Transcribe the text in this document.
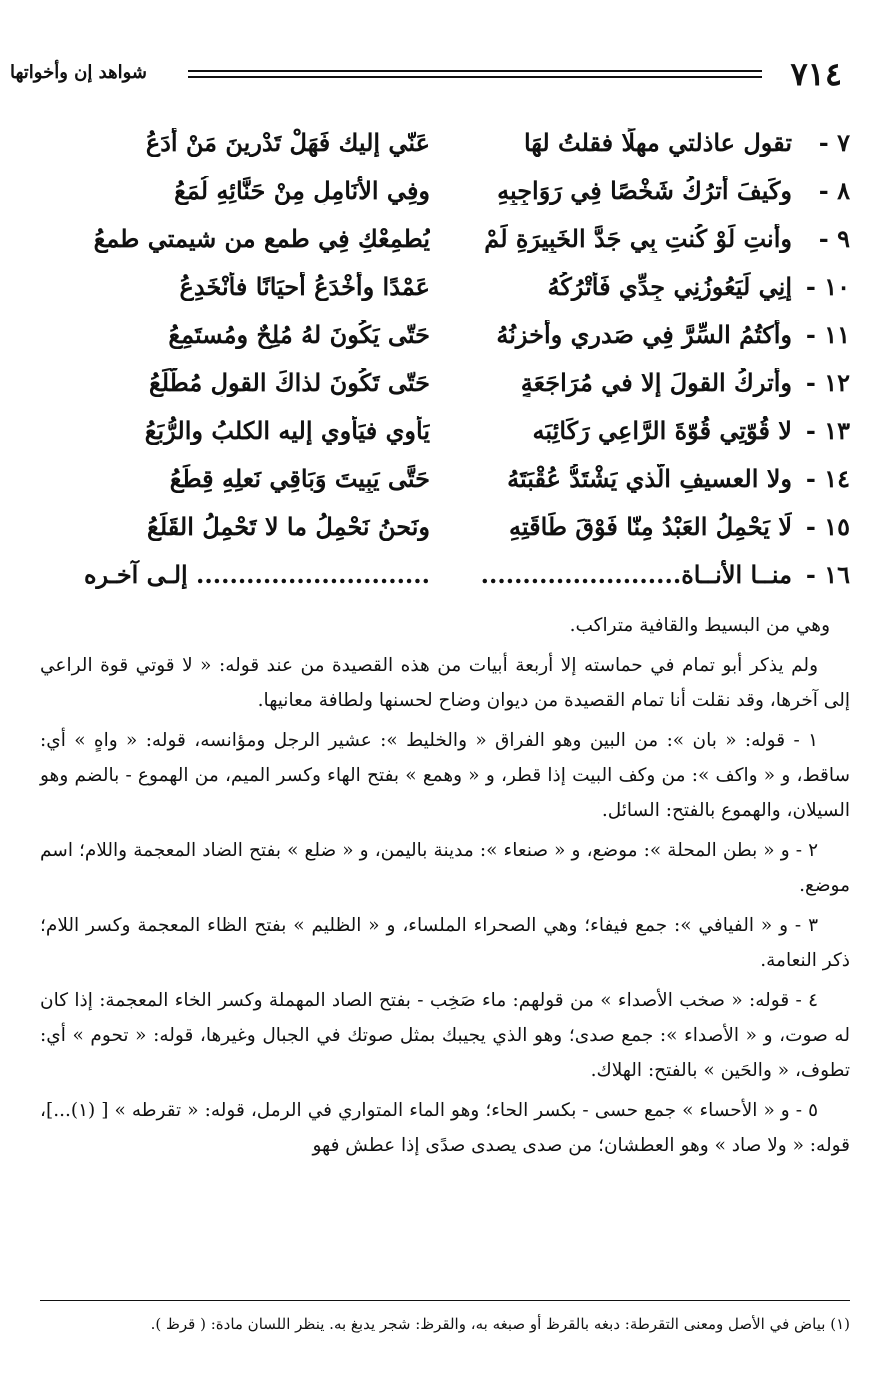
٧١٤
شواهد إن وأخواتها
٧ -
تقول عاذلتي مهلًا فقلتُ لهَا
عَنّي إليك فَهَلْ تَدْرِينَ مَنْ أدَعُ
٨ -
وكَيفَ أَترُكُ شَخْصًا فِي رَوَاجِبِهِ
وفِي الأَنَامِلِ مِنْ حَنَّائِهِ لُمَعُ
٩ -
وأنتِ لَوْ كُنتِ بِي جَدَّ الخَبِيرَةِ لَمْ
يُطمِعْكِ فِي طمع من شيمتي طمعُ
١٠ -
إنِي لَيَعُوزُنِي جِدِّي فَأَتْرُكُهُ
عَمْدًا وأُخْدَعُ أحيَانًا فأنْخَدِعُ
١١ -
وأَكتُمُ السِّرَّ فِي صَدرِي وأَخزِنُهُ
حَتّى يَكُونَ لهُ مُلِحٌ ومُستَمِعُ
١٢ -
وأتركُ القولَ إلا في مُرَاجَعَةٍ
حَتّى تَكُونَ لذاكَ القولِ مُطّلَعُ
١٣ -
لا قُوّتِي قُوّةَ الرَّاعِي رَكَائِبَه
يَأْوِي فيَأوِي إليه الكلبُ والرُّبَعُ
١٤ -
ولا العسيفِ الّذي يَشْتَدُّ عُقْبَتَهُ
حَتَّى يَبِيتَ وَبَاقِي نَعلِهِ قِطَعُ
١٥ -
لَا يَحْمِلُ العَبْدُ مِنّا فَوْقَ طَاقَتِهِ
ونَحنُ نَحْمِلُ ما لا تَحْمِلُ القَلَعُ
١٦ -
منــا الأنــاة........................
............................ إلـى آخـره

وهي من البسيط والقافية متراكب.

ولم يذكر أبو تمام في حماسته إلا أربعة أبيات من هذه القصيدة من عند قوله: « لا قوتي قوة الراعي إلى آخرها، وقد نقلت أنا تمام القصيدة من ديوان وضاح لحسنها ولطافة معانيها.

١ - قوله: « بان »: من البين وهو الفراق « والخليط »: عشير الرجل ومؤانسه، قوله: « واهٍ » أي: ساقط، و « واكف »: من وكف البيت إذا قطر، و « وهمع » بفتح الهاء وكسر الميم، من الهموع - بالضم وهو السيلان، والهموع بالفتح: السائل.

٢ - و « بطن المحلة »: موضع، و « صنعاء »: مدينة باليمن، و « ضلع » بفتح الضاد المعجمة واللام؛ اسم موضع.

٣ - و « الفيافي »: جمع فيفاء؛ وهي الصحراء الملساء، و « الظليم » بفتح الظاء المعجمة وكسر اللام؛ ذكر النعامة.

٤ - قوله: « صخب الأصداء » من قولهم: ماء صَخِب - بفتح الصاد المهملة وكسر الخاء المعجمة: إذا كان له صوت، و « الأصداء »: جمع صدى؛ وهو الذي يجيبك بمثل صوتك في الجبال وغيرها، قوله: « تحوم » أي: تطوف، « والحَين » بالفتح: الهلاك.

٥ - و « الأحساء » جمع حسى - بكسر الحاء؛ وهو الماء المتواري في الرمل، قوله: « تقرطه » [ (١)...]، قوله: « ولا صاد » وهو العطشان؛ من صدى يصدى صدًى إذا عطش فهو

(١) بياض في الأصل ومعنى التقرطة: دبغه بالقرظ أو صبغه به، والقرظ: شجر يدبغ به. ينظر اللسان مادة: ( قرظ ).
